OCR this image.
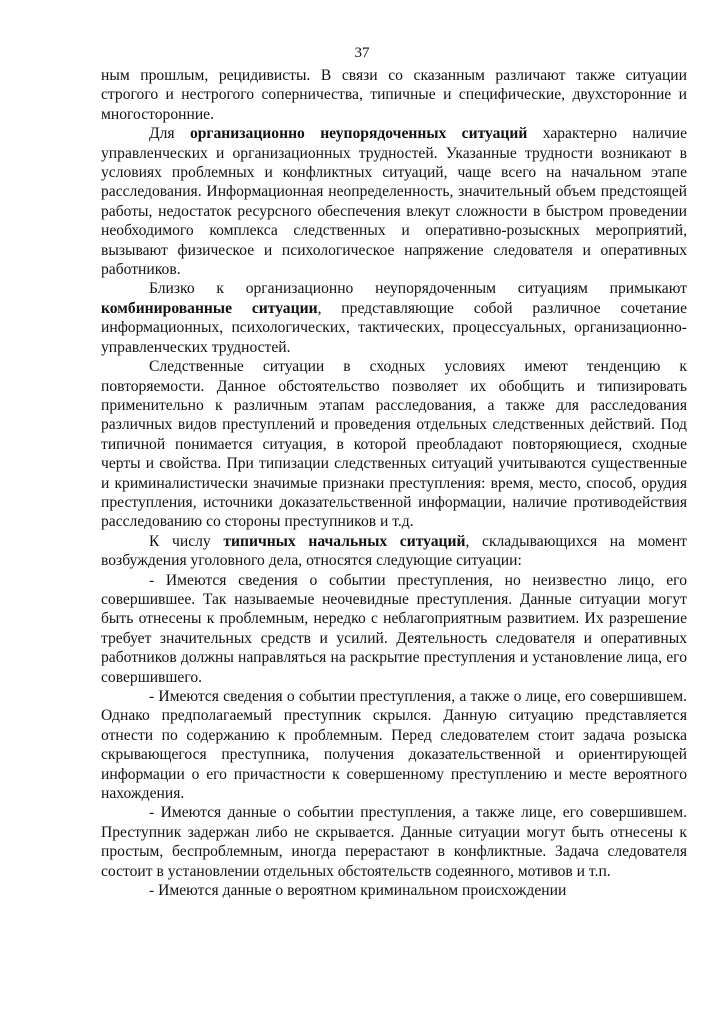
37

ным прошлым, рецидивисты. В связи со сказанным различают также ситуации строгого и нестрогого соперничества, типичные и специфические, двухсторонние и многосторонние.

Для организационно неупорядоченных ситуаций характерно наличие управленческих и организационных трудностей. Указанные трудности возникают в условиях проблемных и конфликтных ситуаций, чаще всего на начальном этапе расследования. Информационная неопределенность, значительный объем предстоящей работы, недостаток ресурсного обеспечения влекут сложности в быстром проведении необходимого комплекса следственных и оперативно-розыскных мероприятий, вызывают физическое и психологическое напряжение следователя и оперативных работников.

Близко к организационно неупорядоченным ситуациям примыкают комбинированные ситуации, представляющие собой различное сочетание информационных, психологических, тактических, процессуальных, организационно-управленческих трудностей.

Следственные ситуации в сходных условиях имеют тенденцию к повторяемости. Данное обстоятельство позволяет их обобщить и типизировать применительно к различным этапам расследования, а также для расследования различных видов преступлений и проведения отдельных следственных действий. Под типичной понимается ситуация, в которой преобладают повторяющиеся, сходные черты и свойства. При типизации следственных ситуаций учитываются существенные и криминалистически значимые признаки преступления: время, место, способ, орудия преступления, источники доказательственной информации, наличие противодействия расследованию со стороны преступников и т.д.

К числу типичных начальных ситуаций, складывающихся на момент возбуждения уголовного дела, относятся следующие ситуации:

- Имеются сведения о событии преступления, но неизвестно лицо, его совершившее. Так называемые неочевидные преступления. Данные ситуации могут быть отнесены к проблемным, нередко с неблагоприятным развитием. Их разрешение требует значительных средств и усилий. Деятельность следователя и оперативных работников должны направляться на раскрытие преступления и установление лица, его совершившего.

- Имеются сведения о событии преступления, а также о лице, его совершившем. Однако предполагаемый преступник скрылся. Данную ситуацию представляется отнести по содержанию к проблемным. Перед следователем стоит задача розыска скрывающегося преступника, получения доказательственной и ориентирующей информации о его причастности к совершенному преступлению и месте вероятного нахождения.

- Имеются данные о событии преступления, а также лице, его совершившем. Преступник задержан либо не скрывается. Данные ситуации могут быть отнесены к простым, беспроблемным, иногда перерастают в конфликтные. Задача следователя состоит в установлении отдельных обстоятельств содеянного, мотивов и т.п.

- Имеются данные о вероятном криминальном происхождении
